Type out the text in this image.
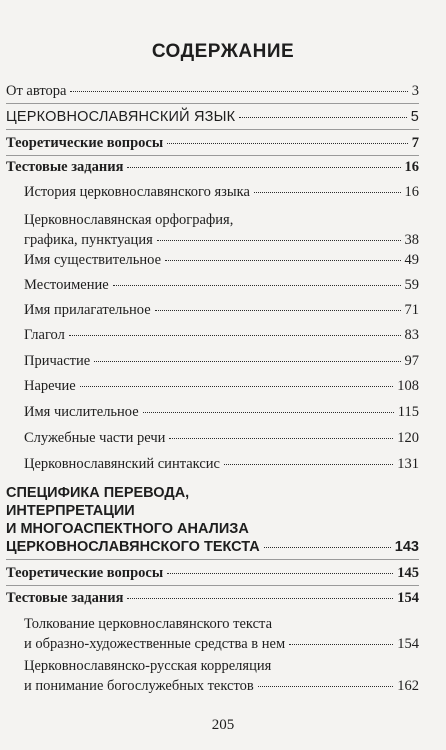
СОДЕРЖАНИЕ
От автора	3
ЦЕРКОВНОСЛАВЯНСКИЙ ЯЗЫК	5
Теоретические вопросы	7
Тестовые задания	16
История церковнославянского языка	16
Церковнославянская орфография,
графика, пунктуация	38
Имя существительное	49
Местоимение	59
Имя прилагательное	71
Глагол	83
Причастие	97
Наречие	108
Имя числительное	115
Служебные части речи	120
Церковнославянский синтаксис	131
СПЕЦИФИКА ПЕРЕВОДА,
ИНТЕРПРЕТАЦИИ
И МНОГОАСПЕКТНОГО АНАЛИЗА
ЦЕРКОВНОСЛАВЯНСКОГО ТЕКСТА	143
Теоретические вопросы	145
Тестовые задания	154
Толкование церковнославянского текста
и образно-художественные средства в нем	154
Церковнославянско-русская корреляция
и понимание богослужебных текстов	162
205
